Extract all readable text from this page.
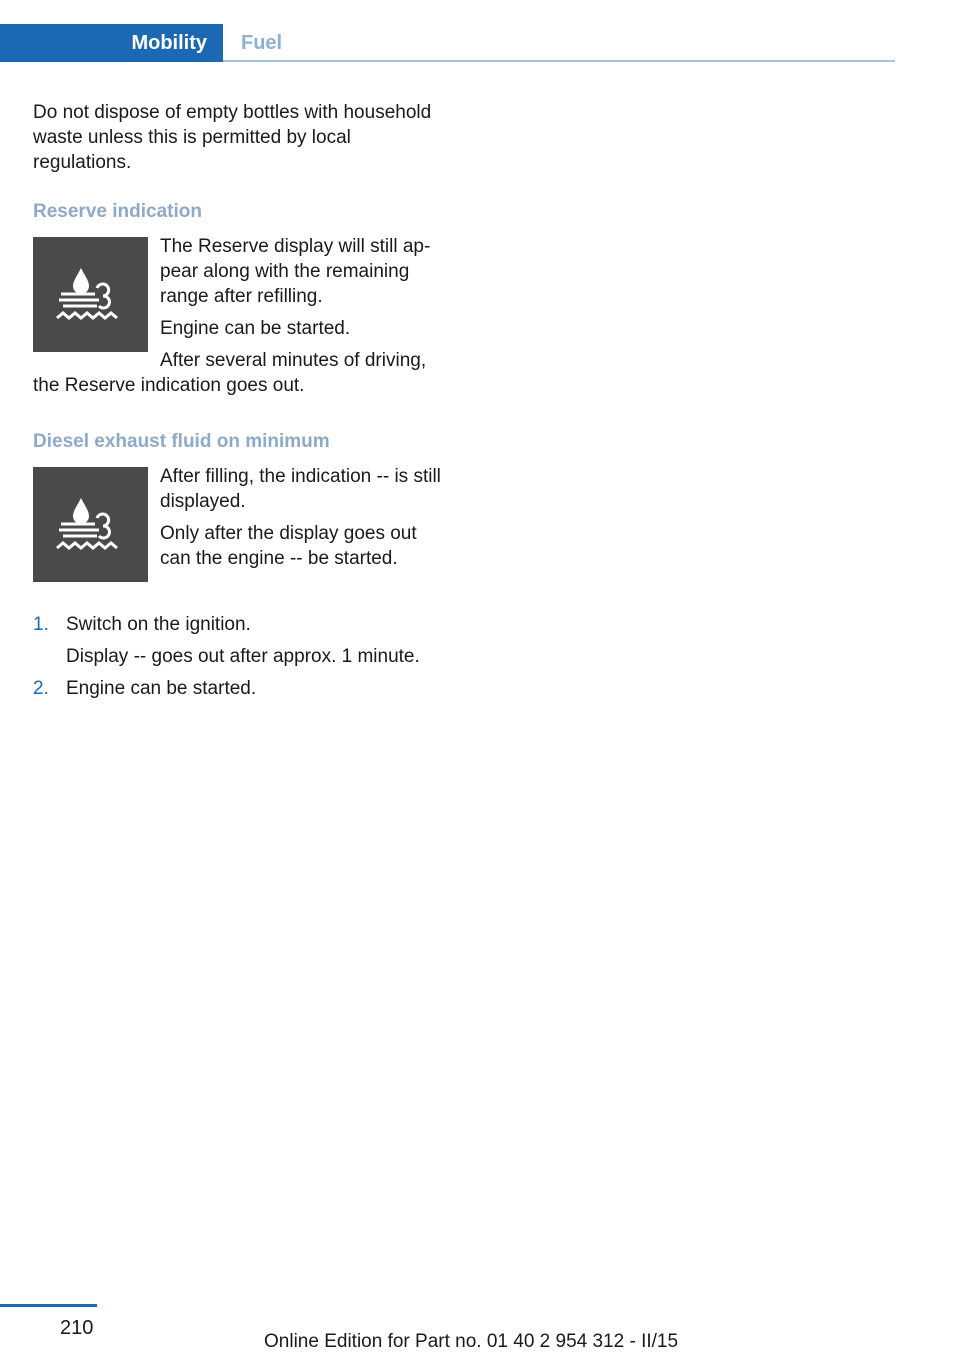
Mobility	Fuel

Do not dispose of empty bottles with household waste unless this is permitted by local regulations.

Reserve indication

The Reserve display will still appear along with the remaining range after refilling.

Engine can be started.

After several minutes of driving, the Reserve indication goes out.

Diesel exhaust fluid on minimum

After filling, the indication -- is still displayed.

Only after the display goes out can the engine -- be started.

1. Switch on the ignition.
Display -- goes out after approx. 1 minute.
2. Engine can be started.
210
Online Edition for Part no. 01 40 2 954 312 - II/15
